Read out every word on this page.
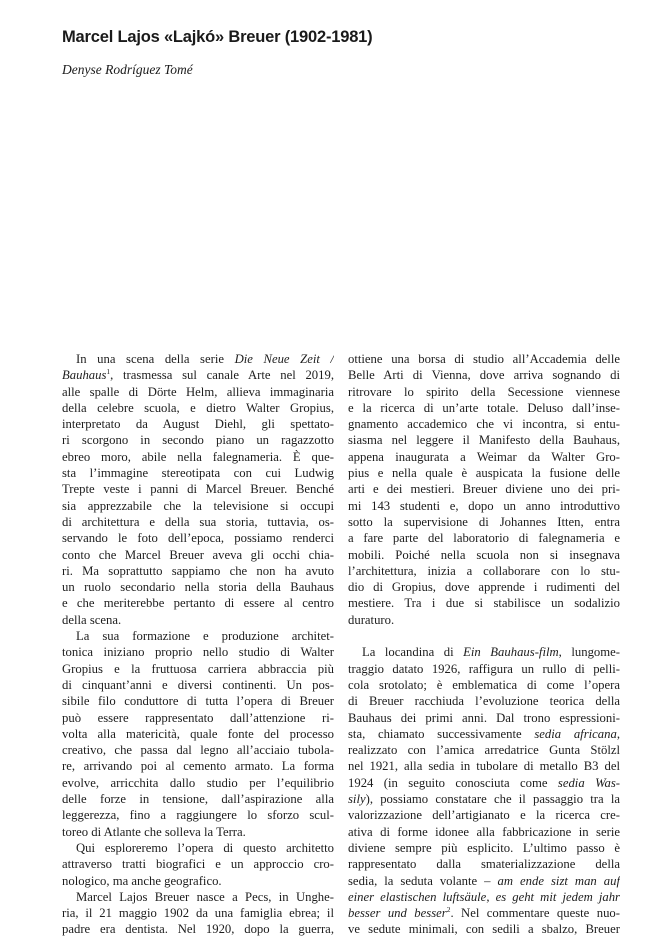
Marcel Lajos «Lajkó» Breuer (1902-1981)

Denyse Rodríguez Tomé

In una scena della serie Die Neue Zeit /
Bauhaus$^1$, trasmessa sul canale Arte nel 2019,
alle spalle di Dörte Helm, allieva immaginaria
della celebre scuola, e dietro Walter Gropius,
interpretato da August Diehl, gli spettato-
ri scorgono in secondo piano un ragazzotto
ebreo moro, abile nella falegnameria. È que-
sta l’immagine stereotipata con cui Ludwig
Trepte veste i panni di Marcel Breuer. Benché
sia apprezzabile che la televisione si occupi
di architettura e della sua storia, tuttavia, os-
servando le foto dell’epoca, possiamo renderci
conto che Marcel Breuer aveva gli occhi chia-
ri. Ma soprattutto sappiamo che non ha avuto
un ruolo secondario nella storia della Bauhaus
e che meriterebbe pertanto di essere al centro
della scena.
La sua formazione e produzione architet-
tonica iniziano proprio nello studio di Walter
Gropius e la fruttuosa carriera abbraccia più
di cinquant’anni e diversi continenti. Un pos-
sibile filo conduttore di tutta l’opera di Breuer
può essere rappresentato dall’attenzione ri-
volta alla matericità, quale fonte del processo
creativo, che passa dal legno all’acciaio tubola-
re, arrivando poi al cemento armato. La forma
evolve, arricchita dallo studio per l’equilibrio
delle forze in tensione, dall’aspirazione alla
leggerezza, fino a raggiungere lo sforzo scul-
toreo di Atlante che solleva la Terra.
Qui esploreremo l’opera di questo architetto
attraverso tratti biografici e un approccio cro-
nologico, ma anche geografico.
Marcel Lajos Breuer nasce a Pecs, in Unghe-
ria, il 21 maggio 1902 da una famiglia ebrea; il
padre era dentista. Nel 1920, dopo la guerra,
ottiene una borsa di studio all’Accademia delle
Belle Arti di Vienna, dove arriva sognando di
ritrovare lo spirito della Secessione viennese
e la ricerca di un’arte totale. Deluso dall’inse-
gnamento accademico che vi incontra, si entu-
siasma nel leggere il Manifesto della Bauhaus,
appena inaugurata a Weimar da Walter Gro-
pius e nella quale è auspicata la fusione delle
arti e dei mestieri. Breuer diviene uno dei pri-
mi 143 studenti e, dopo un anno introduttivo
sotto la supervisione di Johannes Itten, entra
a fare parte del laboratorio di falegnameria e
mobili. Poiché nella scuola non si insegnava
l’architettura, inizia a collaborare con lo stu-
dio di Gropius, dove apprende i rudimenti del
mestiere. Tra i due si stabilisce un sodalizio
duraturo.
La locandina di Ein Bauhaus-film, lungome-
traggio datato 1926, raffigura un rullo di pelli-
cola srotolato; è emblematica di come l’opera
di Breuer racchiuda l’evoluzione teorica della
Bauhaus dei primi anni. Dal trono espressioni-
sta, chiamato successivamente sedia africana,
realizzato con l’amica arredatrice Gunta Stölzl
nel 1921, alla sedia in tubolare di metallo B3 del
1924 (in seguito conosciuta come sedia Was-
sily), possiamo constatare che il passaggio tra la
valorizzazione dell’artigianato e la ricerca cre-
ativa di forme idonee alla fabbricazione in serie
diviene sempre più esplicito. L’ultimo passo è
rappresentato dalla smaterializzazione della
sedia, la seduta volante – am ende sizt man auf
einer elastischen luftsäule, es geht mit jedem jahr
besser und besser$^2$. Nel commentare queste nuo-
ve sedute minimali, con sedili a sbalzo, Breuer
